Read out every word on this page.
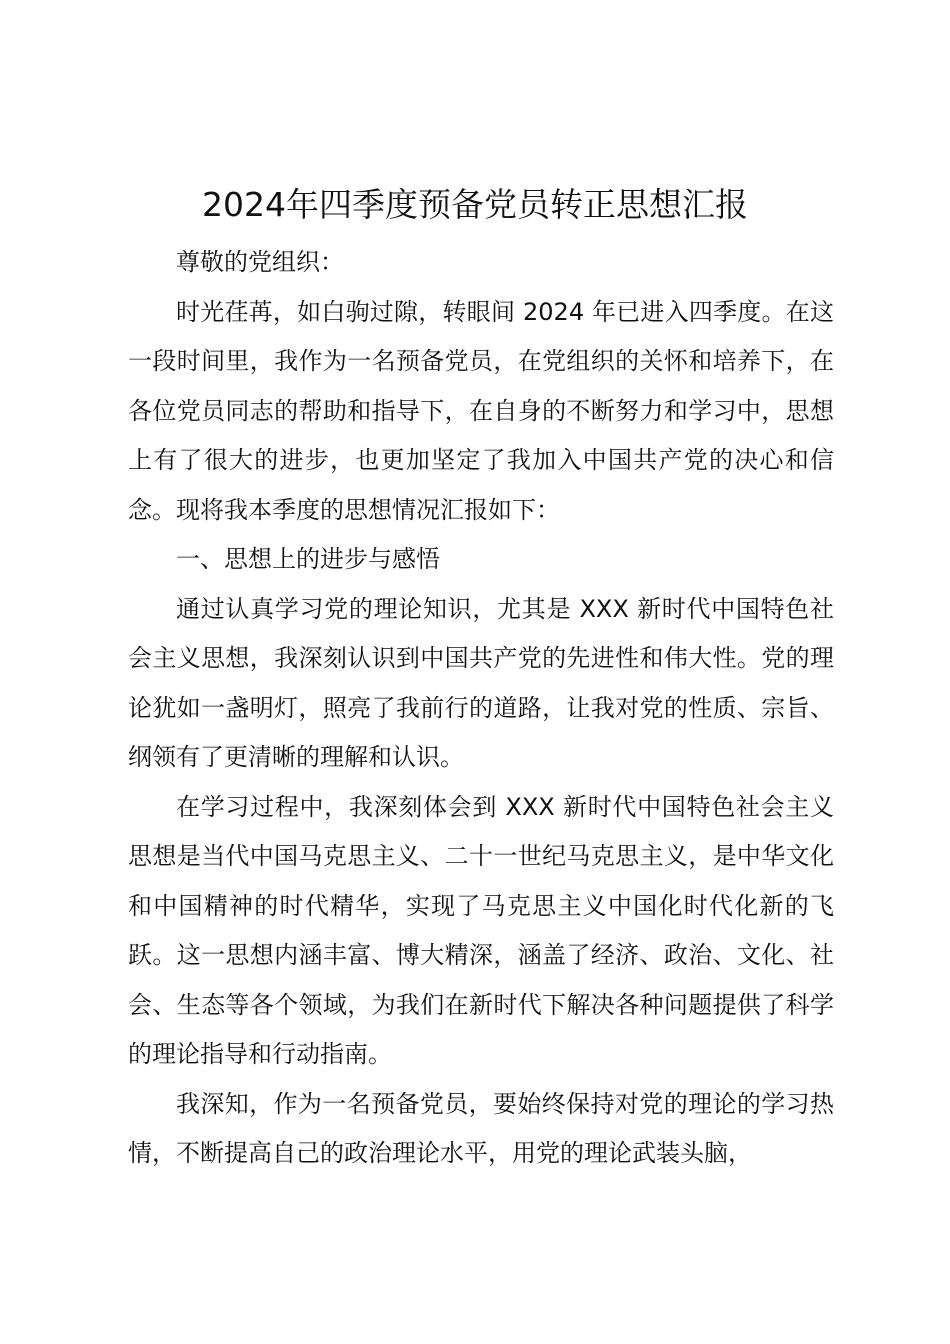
2024年四季度预备党员转正思想汇报

尊敬的党组织：

时光荏苒，如白驹过隙，转眼间 2024 年已进入四季度。在这一段时间里，我作为一名预备党员，在党组织的关怀和培养下，在各位党员同志的帮助和指导下，在自身的不断努力和学习中，思想上有了很大的进步，也更加坚定了我加入中国共产党的决心和信念。现将我本季度的思想情况汇报如下：

一、思想上的进步与感悟

通过认真学习党的理论知识，尤其是 XXX 新时代中国特色社会主义思想，我深刻认识到中国共产党的先进性和伟大性。党的理论犹如一盏明灯，照亮了我前行的道路，让我对党的性质、宗旨、纲领有了更清晰的理解和认识。

在学习过程中，我深刻体会到 XXX 新时代中国特色社会主义思想是当代中国马克思主义、二十一世纪马克思主义，是中华文化和中国精神的时代精华，实现了马克思主义中国化时代化新的飞跃。这一思想内涵丰富、博大精深，涵盖了经济、政治、文化、社会、生态等各个领域，为我们在新时代下解决各种问题提供了科学的理论指导和行动指南。

我深知，作为一名预备党员，要始终保持对党的理论的学习热情，不断提高自己的政治理论水平，用党的理论武装头脑，
